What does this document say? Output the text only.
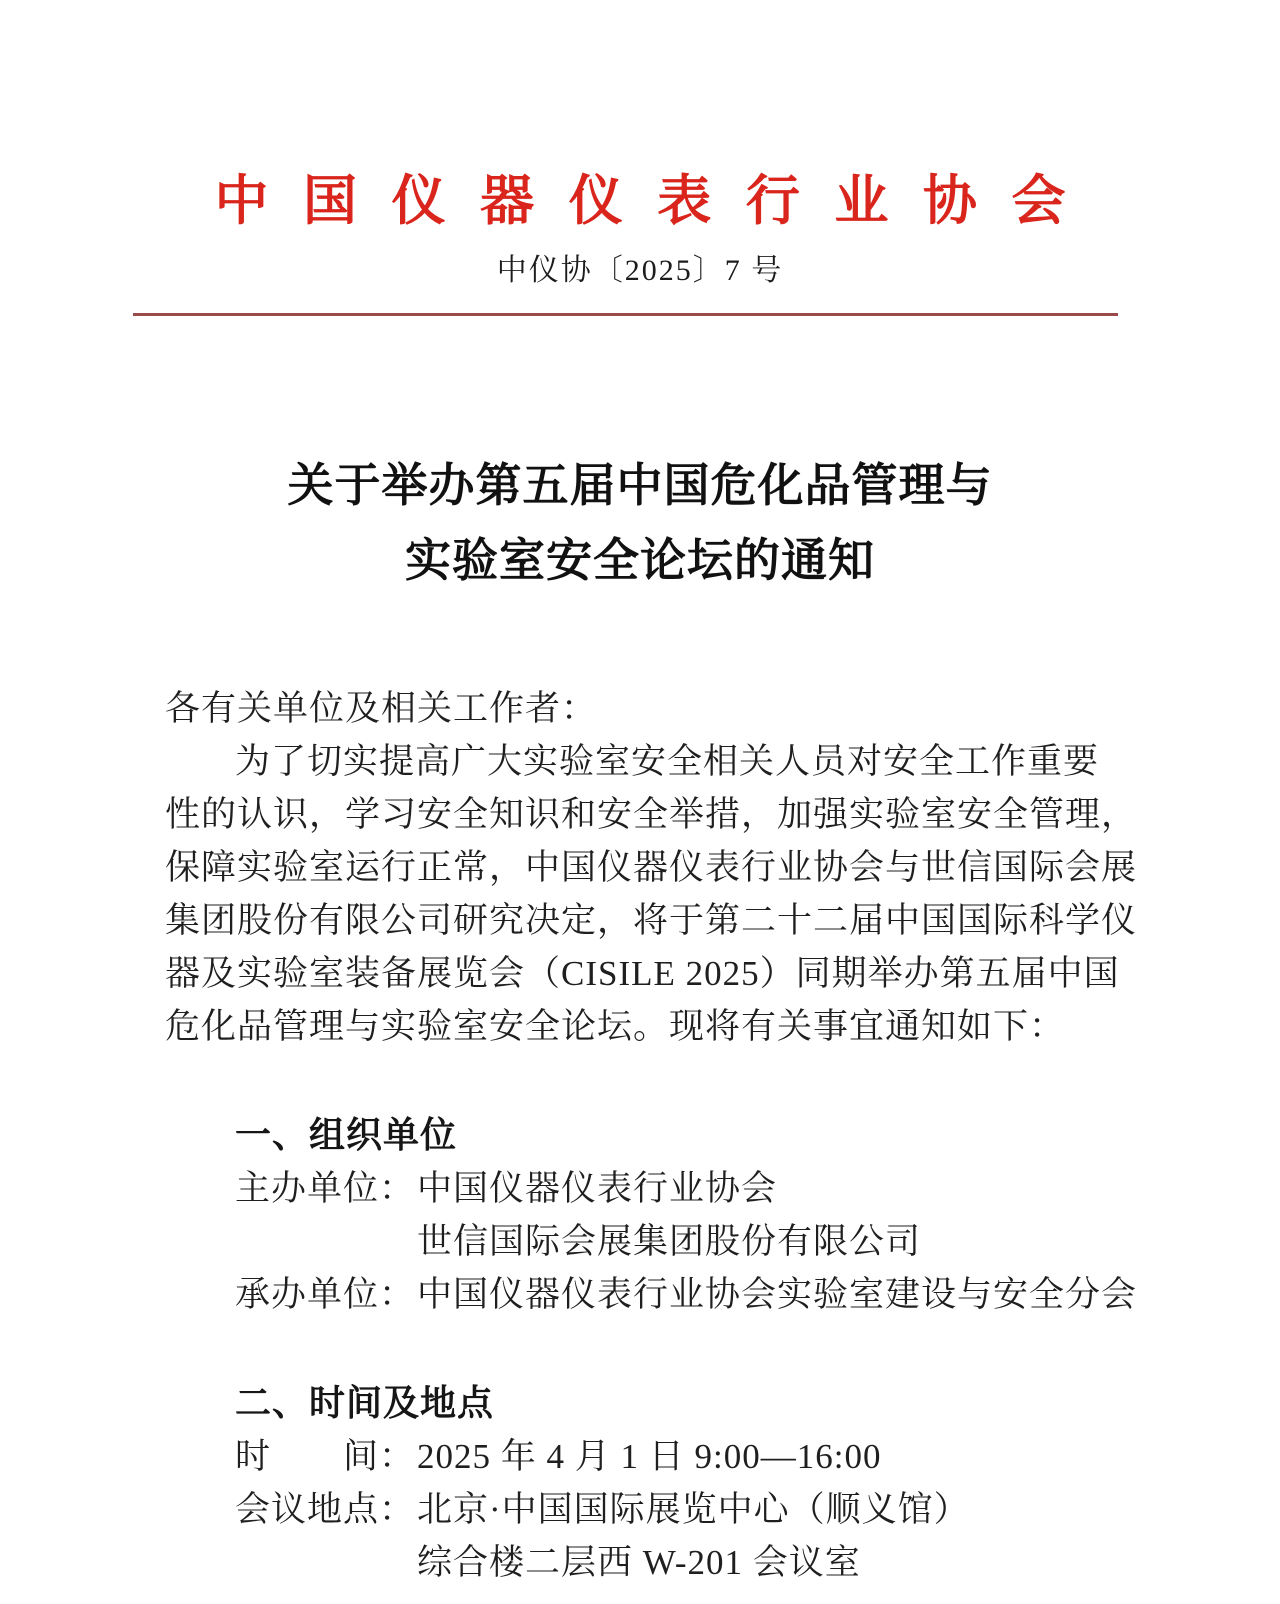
中国仪器仪表行业协会
中仪协〔2025〕7 号
关于举办第五届中国危化品管理与
实验室安全论坛的通知
各有关单位及相关工作者：
为了切实提高广大实验室安全相关人员对安全工作重要
性的认识，学习安全知识和安全举措，加强实验室安全管理，
保障实验室运行正常，中国仪器仪表行业协会与世信国际会展
集团股份有限公司研究决定，将于第二十二届中国国际科学仪
器及实验室装备展览会（CISILE 2025）同期举办第五届中国
危化品管理与实验室安全论坛。现将有关事宜通知如下：
一、组织单位
主办单位： 中国仪器仪表行业协会
世信国际会展集团股份有限公司
承办单位： 中国仪器仪表行业协会实验室建设与安全分会
二、时间及地点
时　　间： 2025 年 4 月 1 日 9:00—16:00
会议地点： 北京·中国国际展览中心（顺义馆）
综合楼二层西 W-201 会议室
